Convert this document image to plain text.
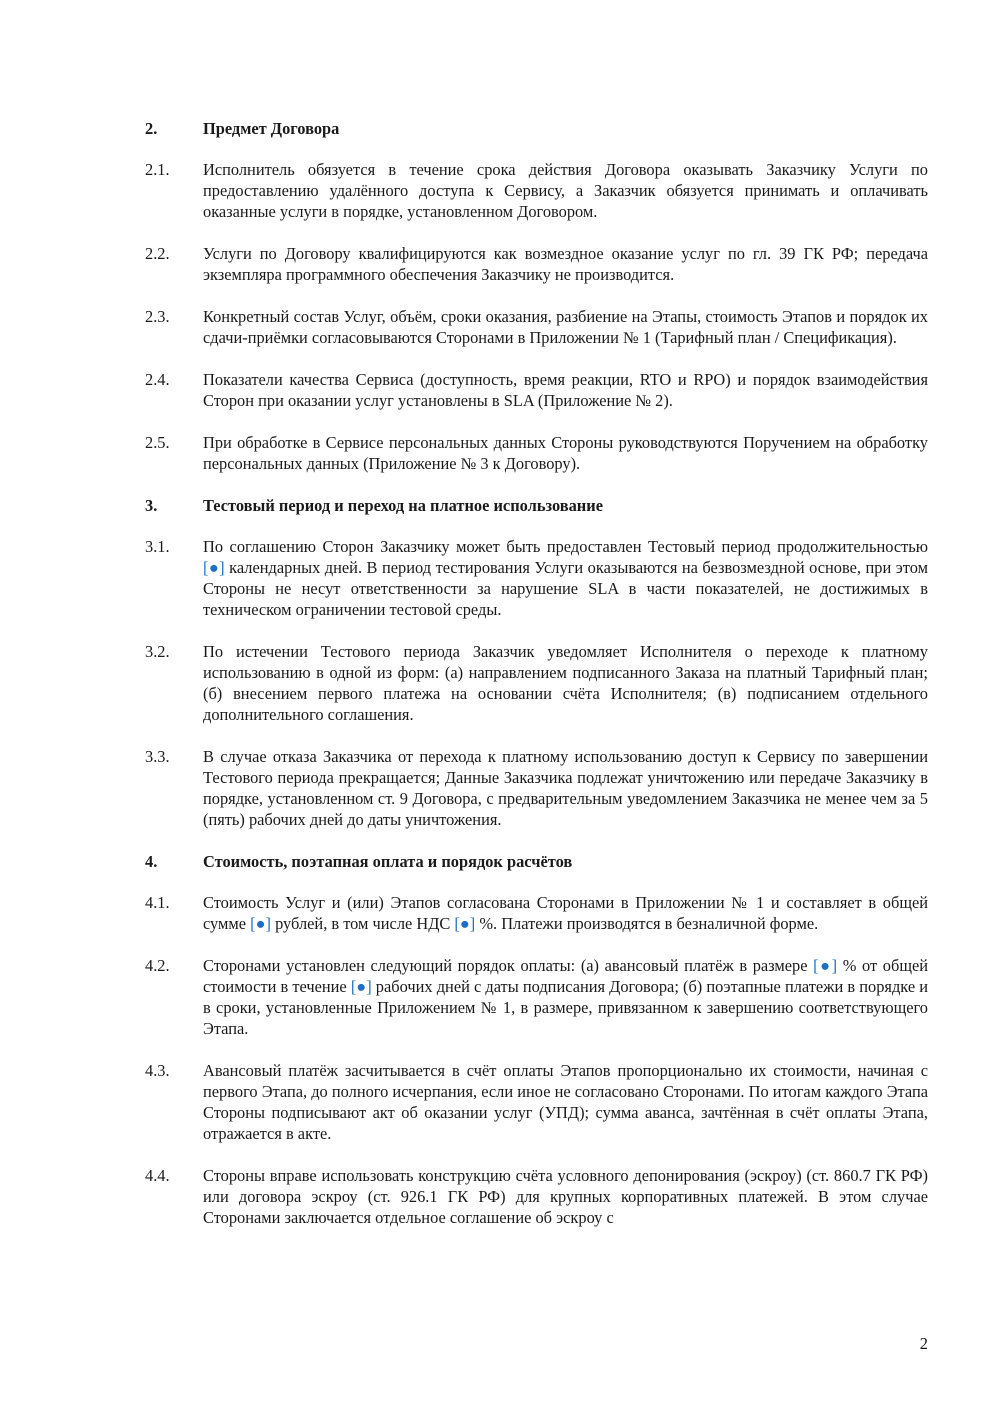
2.	Предмет Договора
2.1.	Исполнитель обязуется в течение срока действия Договора оказывать Заказчику Услуги по предоставлению удалённого доступа к Сервису, а Заказчик обязуется принимать и оплачивать оказанные услуги в порядке, установленном Договором.
2.2.	Услуги по Договору квалифицируются как возмездное оказание услуг по гл. 39 ГК РФ; передача экземпляра программного обеспечения Заказчику не производится.
2.3.	Конкретный состав Услуг, объём, сроки оказания, разбиение на Этапы, стоимость Этапов и порядок их сдачи-приёмки согласовываются Сторонами в Приложении № 1 (Тарифный план / Спецификация).
2.4.	Показатели качества Сервиса (доступность, время реакции, RTO и RPO) и порядок взаимодействия Сторон при оказании услуг установлены в SLA (Приложение № 2).
2.5.	При обработке в Сервисе персональных данных Стороны руководствуются Поручением на обработку персональных данных (Приложение № 3 к Договору).
3.	Тестовый период и переход на платное использование
3.1.	По соглашению Сторон Заказчику может быть предоставлен Тестовый период продолжительностью [●] календарных дней. В период тестирования Услуги оказываются на безвозмездной основе, при этом Стороны не несут ответственности за нарушение SLA в части показателей, не достижимых в техническом ограничении тестовой среды.
3.2.	По истечении Тестового периода Заказчик уведомляет Исполнителя о переходе к платному использованию в одной из форм: (а) направлением подписанного Заказа на платный Тарифный план; (б) внесением первого платежа на основании счёта Исполнителя; (в) подписанием отдельного дополнительного соглашения.
3.3.	В случае отказа Заказчика от перехода к платному использованию доступ к Сервису по завершении Тестового периода прекращается; Данные Заказчика подлежат уничтожению или передаче Заказчику в порядке, установленном ст. 9 Договора, с предварительным уведомлением Заказчика не менее чем за 5 (пять) рабочих дней до даты уничтожения.
4.	Стоимость, поэтапная оплата и порядок расчётов
4.1.	Стоимость Услуг и (или) Этапов согласована Сторонами в Приложении № 1 и составляет в общей сумме [●] рублей, в том числе НДС [●] %. Платежи производятся в безналичной форме.
4.2.	Сторонами установлен следующий порядок оплаты: (а) авансовый платёж в размере [●] % от общей стоимости в течение [●] рабочих дней с даты подписания Договора; (б) поэтапные платежи в порядке и в сроки, установленные Приложением № 1, в размере, привязанном к завершению соответствующего Этапа.
4.3.	Авансовый платёж засчитывается в счёт оплаты Этапов пропорционально их стоимости, начиная с первого Этапа, до полного исчерпания, если иное не согласовано Сторонами. По итогам каждого Этапа Стороны подписывают акт об оказании услуг (УПД); сумма аванса, зачтённая в счёт оплаты Этапа, отражается в акте.
4.4.	Стороны вправе использовать конструкцию счёта условного депонирования (эскроу) (ст. 860.7 ГК РФ) или договора эскроу (ст. 926.1 ГК РФ) для крупных корпоративных платежей. В этом случае Сторонами заключается отдельное соглашение об эскроу с
2
